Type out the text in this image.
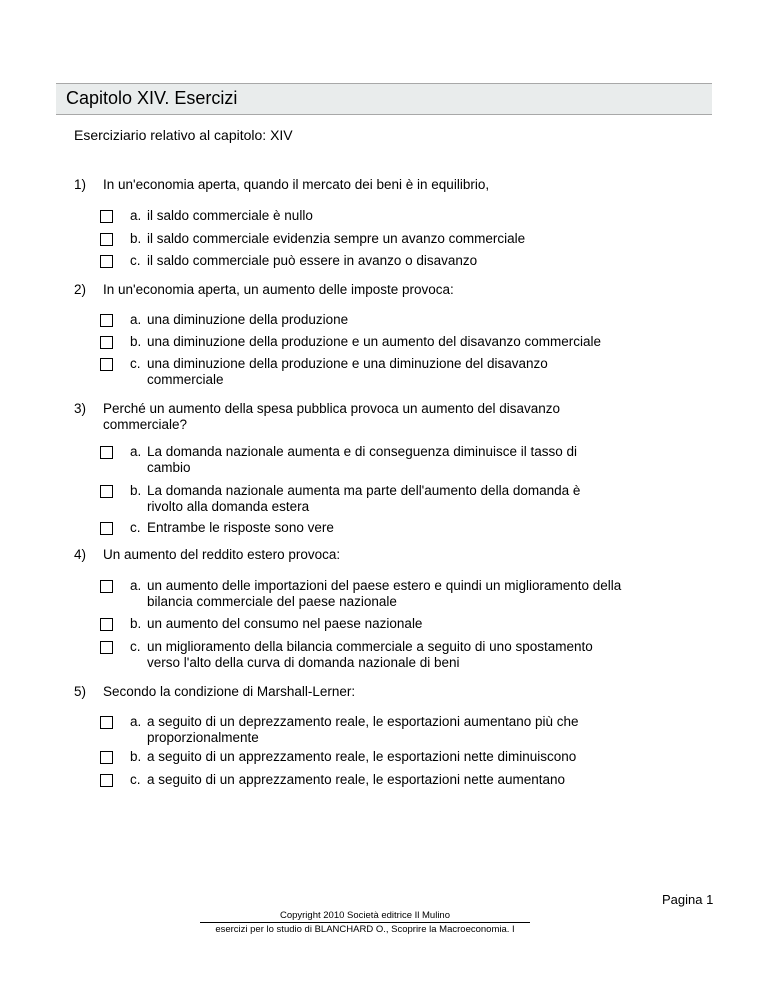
Capitolo XIV. Esercizi
Eserciziario relativo al capitolo: XIV
1)	In un'economia aperta, quando il mercato dei beni è in equilibrio,
a. il saldo commerciale è nullo
b. il saldo commerciale evidenzia sempre un avanzo commerciale
c. il saldo commerciale può essere in avanzo o disavanzo
2)	In un'economia aperta, un aumento delle imposte provoca:
a. una diminuzione della produzione
b. una diminuzione della produzione e un aumento del disavanzo commerciale
c. una diminuzione della produzione e una diminuzione del disavanzo commerciale
3)	Perché un aumento della spesa pubblica provoca un aumento del disavanzo commerciale?
a. La domanda nazionale aumenta e di conseguenza diminuisce il tasso di cambio
b. La domanda nazionale aumenta ma parte dell'aumento della domanda è rivolto alla domanda estera
c. Entrambe le risposte sono vere
4)	Un aumento del reddito estero provoca:
a. un aumento delle importazioni del paese estero e quindi un miglioramento della bilancia commerciale del paese nazionale
b. un aumento del consumo nel paese nazionale
c. un miglioramento della bilancia commerciale a seguito di uno spostamento verso l'alto della curva di domanda nazionale di beni
5)	Secondo la condizione di Marshall-Lerner:
a. a seguito di un deprezzamento reale, le esportazioni aumentano più che proporzionalmente
b. a seguito di un apprezzamento reale, le esportazioni nette diminuiscono
c. a seguito di un apprezzamento reale, le esportazioni nette aumentano
Pagina 1
Copyright 2010 Società editrice Il Mulino
esercizi per lo studio di BLANCHARD O., Scoprire la Macroeconomia. I
